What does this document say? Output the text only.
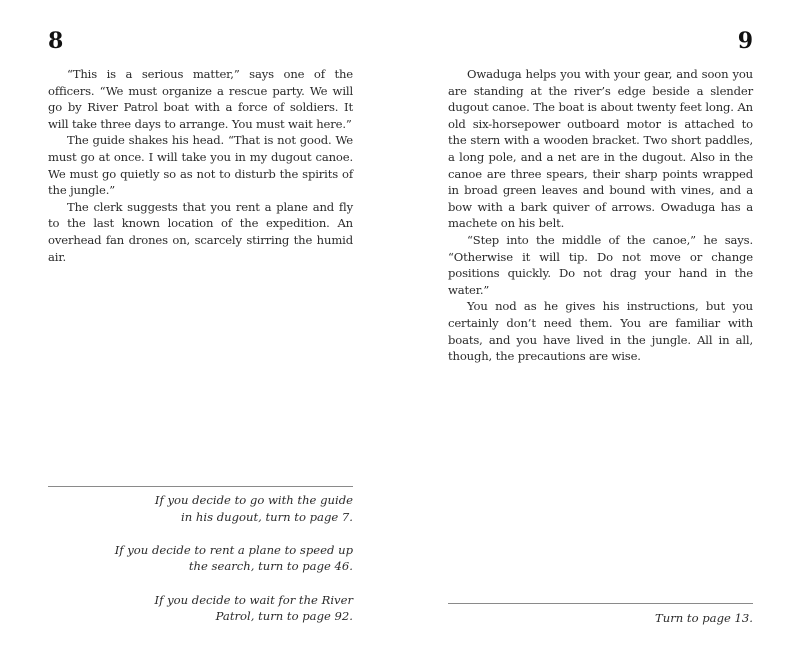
8

“This is a serious matter,” says one of the officers. “We must organize a rescue party. We will go by River Patrol boat with a force of soldiers. It will take three days to arrange. You must wait here.”

The guide shakes his head. “That is not good. We must go at once. I will take you in my dugout canoe. We must go quietly so as not to disturb the spirits of the jungle.”

The clerk suggests that you rent a plane and fly to the last known location of the expedition. An overhead fan drones on, scarcely stirring the humid air.

If you decide to go with the guide
in his dugout, turn to page 7.
If you decide to rent a plane to speed up
the search, turn to page 46.
If you decide to wait for the River
Patrol, turn to page 92.
9

Owaduga helps you with your gear, and soon you are standing at the river’s edge beside a slender dugout canoe. The boat is about twenty feet long. An old six-horsepower outboard motor is attached to the stern with a wooden bracket. Two short paddles, a long pole, and a net are in the dugout. Also in the canoe are three spears, their sharp points wrapped in broad green leaves and bound with vines, and a bow with a bark quiver of arrows. Owaduga has a machete on his belt.

“Step into the middle of the canoe,” he says. “Otherwise it will tip. Do not move or change positions quickly. Do not drag your hand in the water.”

You nod as he gives his instructions, but you certainly don’t need them. You are familiar with boats, and you have lived in the jungle. All in all, though, the precautions are wise.

Turn to page 13.
